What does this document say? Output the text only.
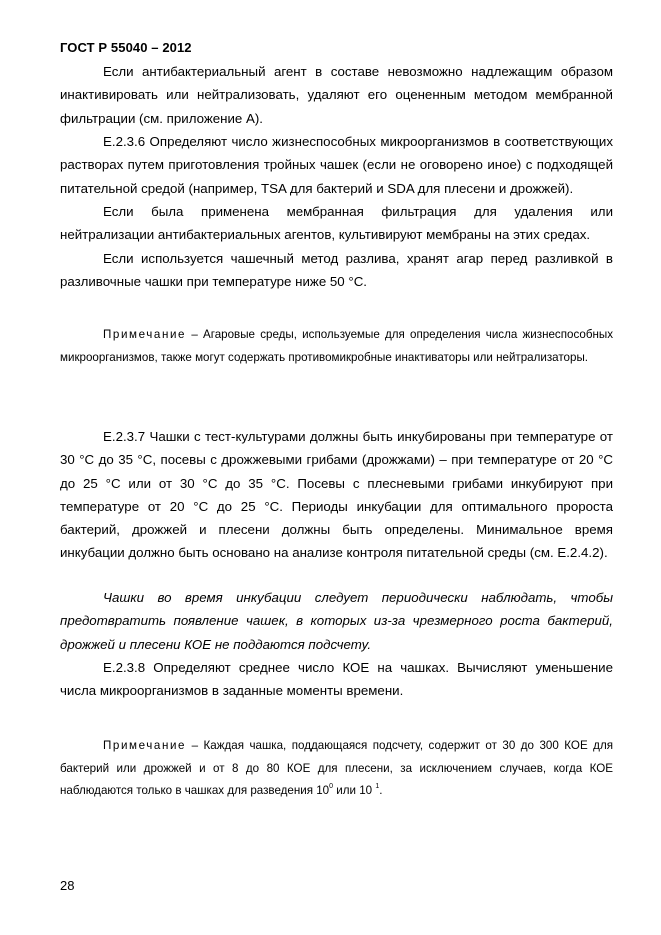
ГОСТ Р 55040 – 2012

Если антибактериальный агент в составе невозможно надлежащим образом инактивировать или нейтрализовать, удаляют его оцененным методом мембранной фильтрации (см. приложение А).

Е.2.3.6 Определяют число жизнеспособных микроорганизмов в соответствующих растворах путем приготовления тройных чашек (если не оговорено иное) с подходящей питательной средой (например, TSA для бактерий и SDA для плесени и дрожжей).

Если была применена мембранная фильтрация для удаления или нейтрализации антибактериальных агентов, культивируют мембраны на этих средах.

Если используется чашечный метод разлива, хранят агар перед разливкой в разливочные чашки при температуре ниже 50 °С.

Примечание – Агаровые среды, используемые для определения числа жизнеспособных микроорганизмов, также могут содержать противомикробные инактиваторы или нейтрализаторы.

Е.2.3.7 Чашки с тест-культурами должны быть инкубированы при температуре от 30 °С до 35 °С, посевы с дрожжевыми грибами (дрожжами) – при температуре от 20 °С до 25 °С или от 30 °С до 35 °С. Посевы с плесневыми грибами инкубируют при температуре от 20 °С до 25 °С. Периоды инкубации для оптимального пророста бактерий, дрожжей и плесени должны быть определены. Минимальное время инкубации должно быть основано на анализе контроля питательной среды (см. Е.2.4.2).

Чашки во время инкубации следует периодически наблюдать, чтобы предотвратить появление чашек, в которых из-за чрезмерного роста бактерий, дрожжей и плесени КОЕ не поддаются подсчету.

Е.2.3.8 Определяют среднее число КОЕ на чашках. Вычисляют уменьшение числа микроорганизмов в заданные моменты времени.

Примечание – Каждая чашка, поддающаяся подсчету, содержит от 30 до 300 КОЕ для бактерий или дрожжей и от 8 до 80 КОЕ для плесени, за исключением случаев, когда КОЕ наблюдаются только в чашках для разведения $10^0$ или 10 $^1$.

28
